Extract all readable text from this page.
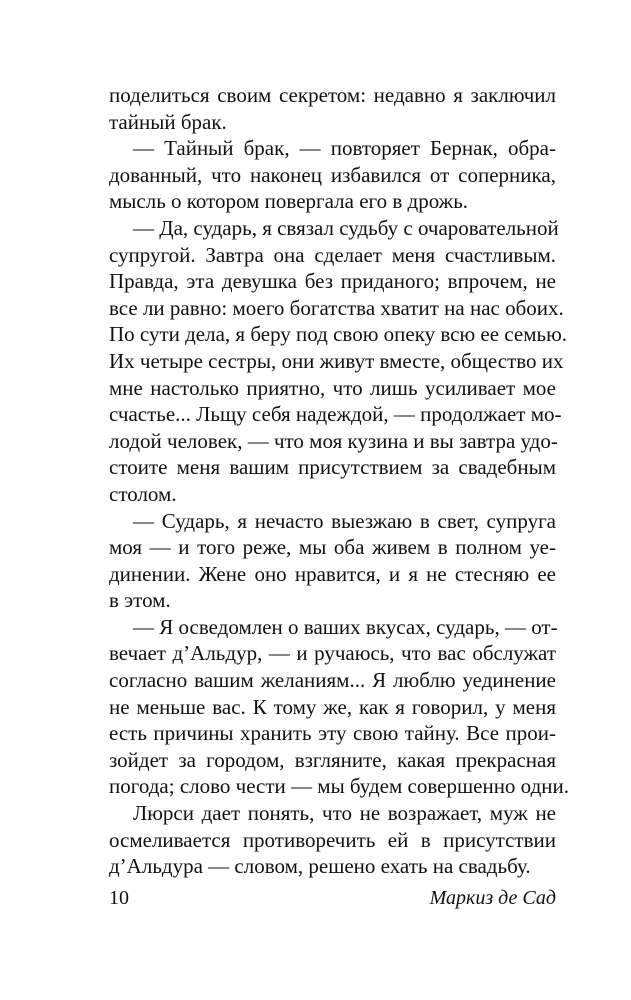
поделиться своим секретом: недавно я заключил
тайный брак.
— Тайный брак, — повторяет Бернак, обра-
дованный, что наконец избавился от соперника,
мысль о котором повергала его в дрожь.
— Да, сударь, я связал судьбу с очаровательной
супругой. Завтра она сделает меня счастливым.
Правда, эта девушка без приданого; впрочем, не
все ли равно: моего богатства хватит на нас обоих.
По сути дела, я беру под свою опеку всю ее семью.
Их четыре сестры, они живут вместе, общество их
мне настолько приятно, что лишь усиливает мое
счастье... Льщу себя надеждой, — продолжает мо-
лодой человек, — что моя кузина и вы завтра удо-
стоите меня вашим присутствием за свадебным
столом.
— Сударь, я нечасто выезжаю в свет, супруга
моя — и того реже, мы оба живем в полном уе-
динении. Жене оно нравится, и я не стесняю ее
в этом.
— Я осведомлен о ваших вкусах, сударь, — от-
вечает д’Альдур, — и ручаюсь, что вас обслужат
согласно вашим желаниям... Я люблю уединение
не меньше вас. К тому же, как я говорил, у меня
есть причины хранить эту свою тайну. Все прои-
зойдет за городом, взгляните, какая прекрасная
погода; слово чести — мы будем совершенно одни.
Люрси дает понять, что не возражает, муж не
осмеливается противоречить ей в присутствии
д’Альдура — словом, решено ехать на свадьбу.
10	Маркиз де Сад
